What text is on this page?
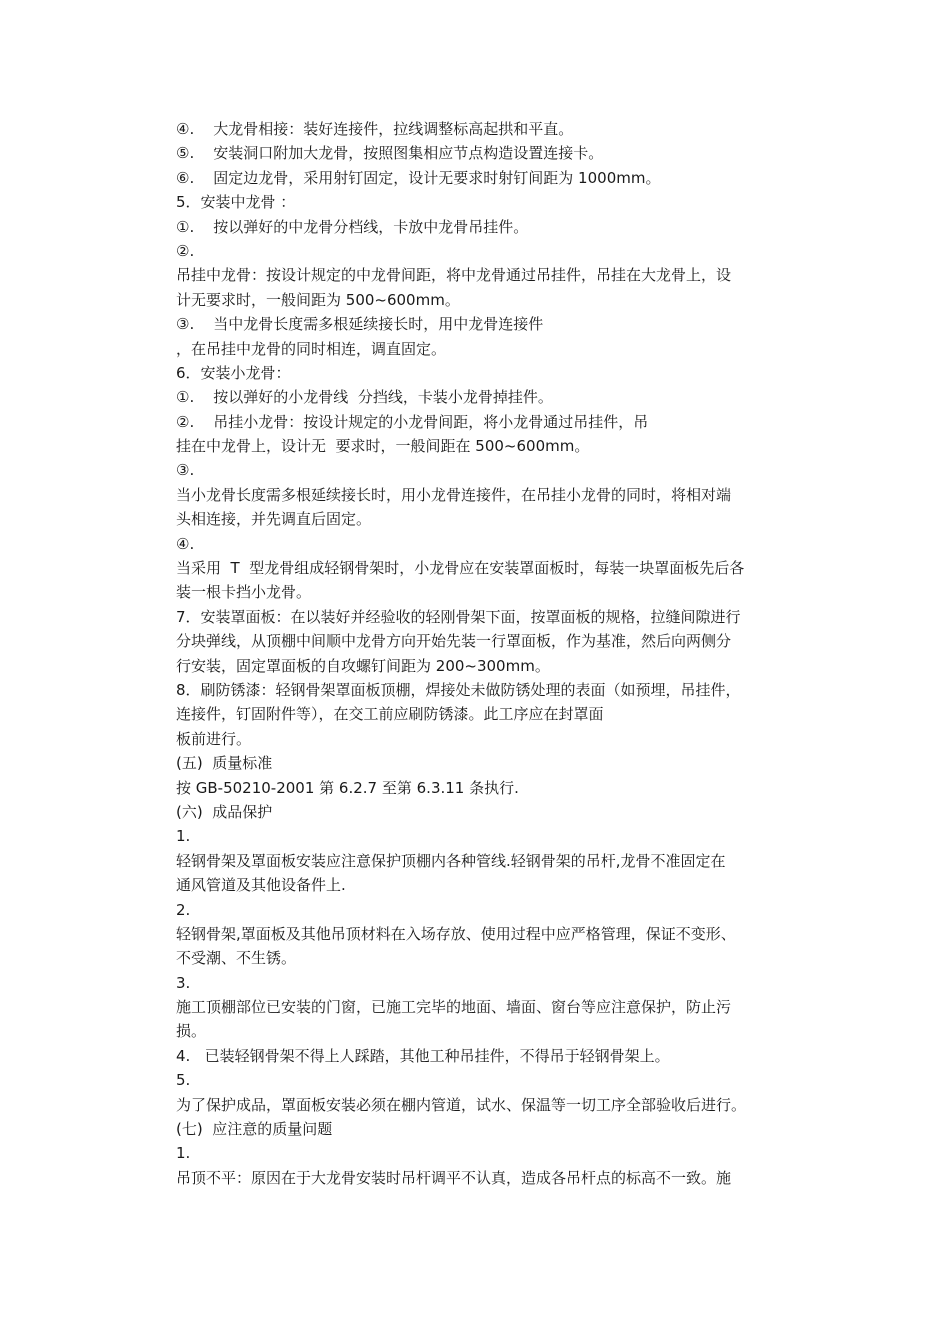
④.    大龙骨相接：装好连接件，拉线调整标高起拱和平直。
⑤.    安装洞口附加大龙骨，按照图集相应节点构造设置连接卡。
⑥.    固定边龙骨，采用射钉固定，设计无要求时射钉间距为 1000mm。
5．安装中龙骨 ：
①.    按以弹好的中龙骨分档线，卡放中龙骨吊挂件。
②.
吊挂中龙骨：按设计规定的中龙骨间距，将中龙骨通过吊挂件，吊挂在大龙骨上，设
计无要求时，一般间距为 500~600mm。
③.    当中龙骨长度需多根延续接长时，用中龙骨连接件
，在吊挂中龙骨的同时相连，调直固定。
6．安装小龙骨：
①.    按以弹好的小龙骨线  分挡线，卡装小龙骨掉挂件。
②.    吊挂小龙骨：按设计规定的小龙骨间距，将小龙骨通过吊挂件，吊
挂在中龙骨上，设计无  要求时，一般间距在 500~600mm。
③.
当小龙骨长度需多根延续接长时，用小龙骨连接件，在吊挂小龙骨的同时，将相对端
头相连接，并先调直后固定。
④.
当采用  T  型龙骨组成轻钢骨架时，小龙骨应在安装罩面板时，每装一块罩面板先后各
装一根卡挡小龙骨。
7．安装罩面板：在以装好并经验收的轻刚骨架下面，按罩面板的规格，拉缝间隙进行
分块弹线，从顶棚中间顺中龙骨方向开始先装一行罩面板，作为基准，然后向两侧分
行安装，固定罩面板的自攻螺钉间距为 200~300mm。
8．刷防锈漆：轻钢骨架罩面板顶棚，焊接处未做防锈处理的表面（如预埋，吊挂件，
连接件，钉固附件等），在交工前应刷防锈漆。此工序应在封罩面
板前进行。
(五)  质量标准
按 GB-50210-2001 第 6.2.7 至第 6.3.11 条执行.
(六)  成品保护
1.
轻钢骨架及罩面板安装应注意保护顶棚内各种管线.轻钢骨架的吊杆,龙骨不准固定在
通风管道及其他设备件上.
2.
轻钢骨架,罩面板及其他吊顶材料在入场存放、使用过程中应严格管理，保证不变形、
不受潮、不生锈。
3.
施工顶棚部位已安装的门窗，已施工完毕的地面、墙面、窗台等应注意保护，防止污
损。
4.   已装轻钢骨架不得上人踩踏，其他工种吊挂件，不得吊于轻钢骨架上。
5.
为了保护成品，罩面板安装必须在棚内管道，试水、保温等一切工序全部验收后进行。
(七)  应注意的质量问题
1.
吊顶不平：原因在于大龙骨安装时吊杆调平不认真，造成各吊杆点的标高不一致。施
